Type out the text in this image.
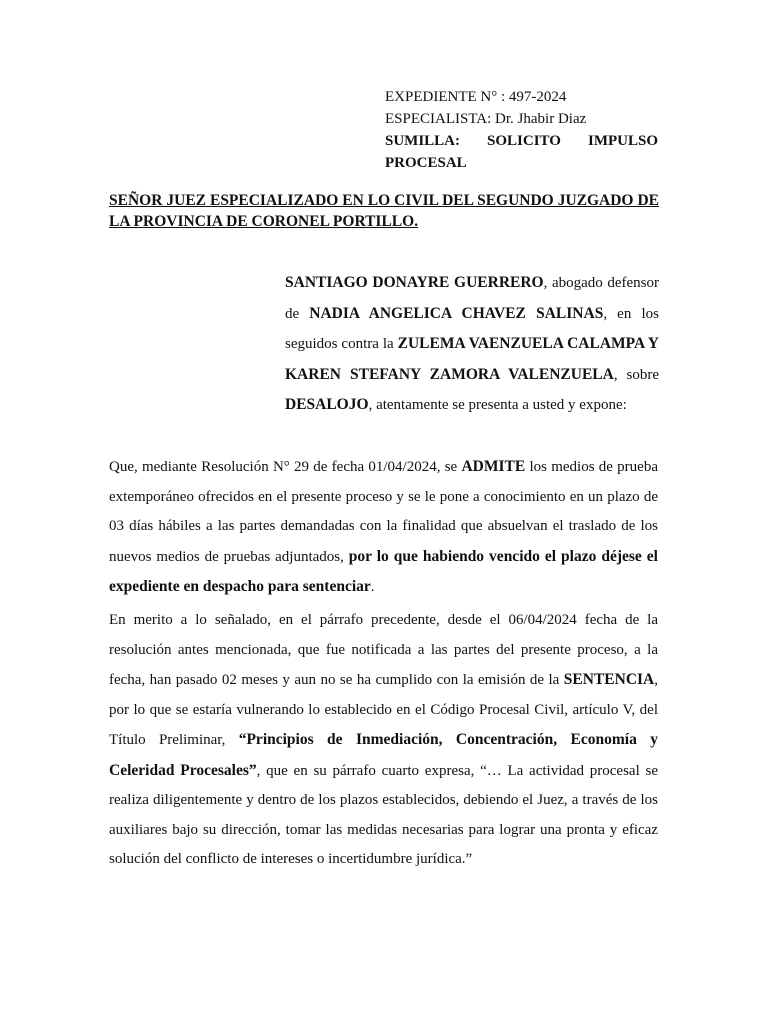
EXPEDIENTE N° : 497-2024

ESPECIALISTA: Dr. Jhabir Diaz

SUMILLA: SOLICITO IMPULSO
PROCESAL
SEÑOR JUEZ ESPECIALIZADO EN LO CIVIL DEL SEGUNDO JUZGADO DE LA PROVINCIA DE CORONEL PORTILLO.
SANTIAGO DONAYRE GUERRERO, abogado defensor de NADIA ANGELICA CHAVEZ SALINAS, en los seguidos contra la ZULEMA VAENZUELA CALAMPA Y KAREN STEFANY ZAMORA VALENZUELA, sobre DESALOJO, atentamente se presenta a usted y expone:

Que, mediante Resolución N° 29 de fecha 01/04/2024, se ADMITE los medios de prueba extemporáneo ofrecidos en el presente proceso y se le pone a conocimiento en un plazo de 03 días hábiles a las partes demandadas con la finalidad que absuelvan el traslado de los nuevos medios de pruebas adjuntados, por lo que habiendo vencido el plazo déjese el expediente en despacho para sentenciar.

En merito a lo señalado, en el párrafo precedente, desde el 06/04/2024 fecha de la resolución antes mencionada, que fue notificada a las partes del presente proceso, a la fecha, han pasado 02 meses y aun no se ha cumplido con la emisión de la SENTENCIA, por lo que se estaría vulnerando lo establecido en el Código Procesal Civil, artículo V, del Título Preliminar, “Principios de Inmediación, Concentración, Economía y Celeridad Procesales”, que en su párrafo cuarto expresa, “… La actividad procesal se realiza diligentemente y dentro de los plazos establecidos, debiendo el Juez, a través de los auxiliares bajo su dirección, tomar las medidas necesarias para lograr una pronta y eficaz solución del conflicto de intereses o incertidumbre jurídica.”
